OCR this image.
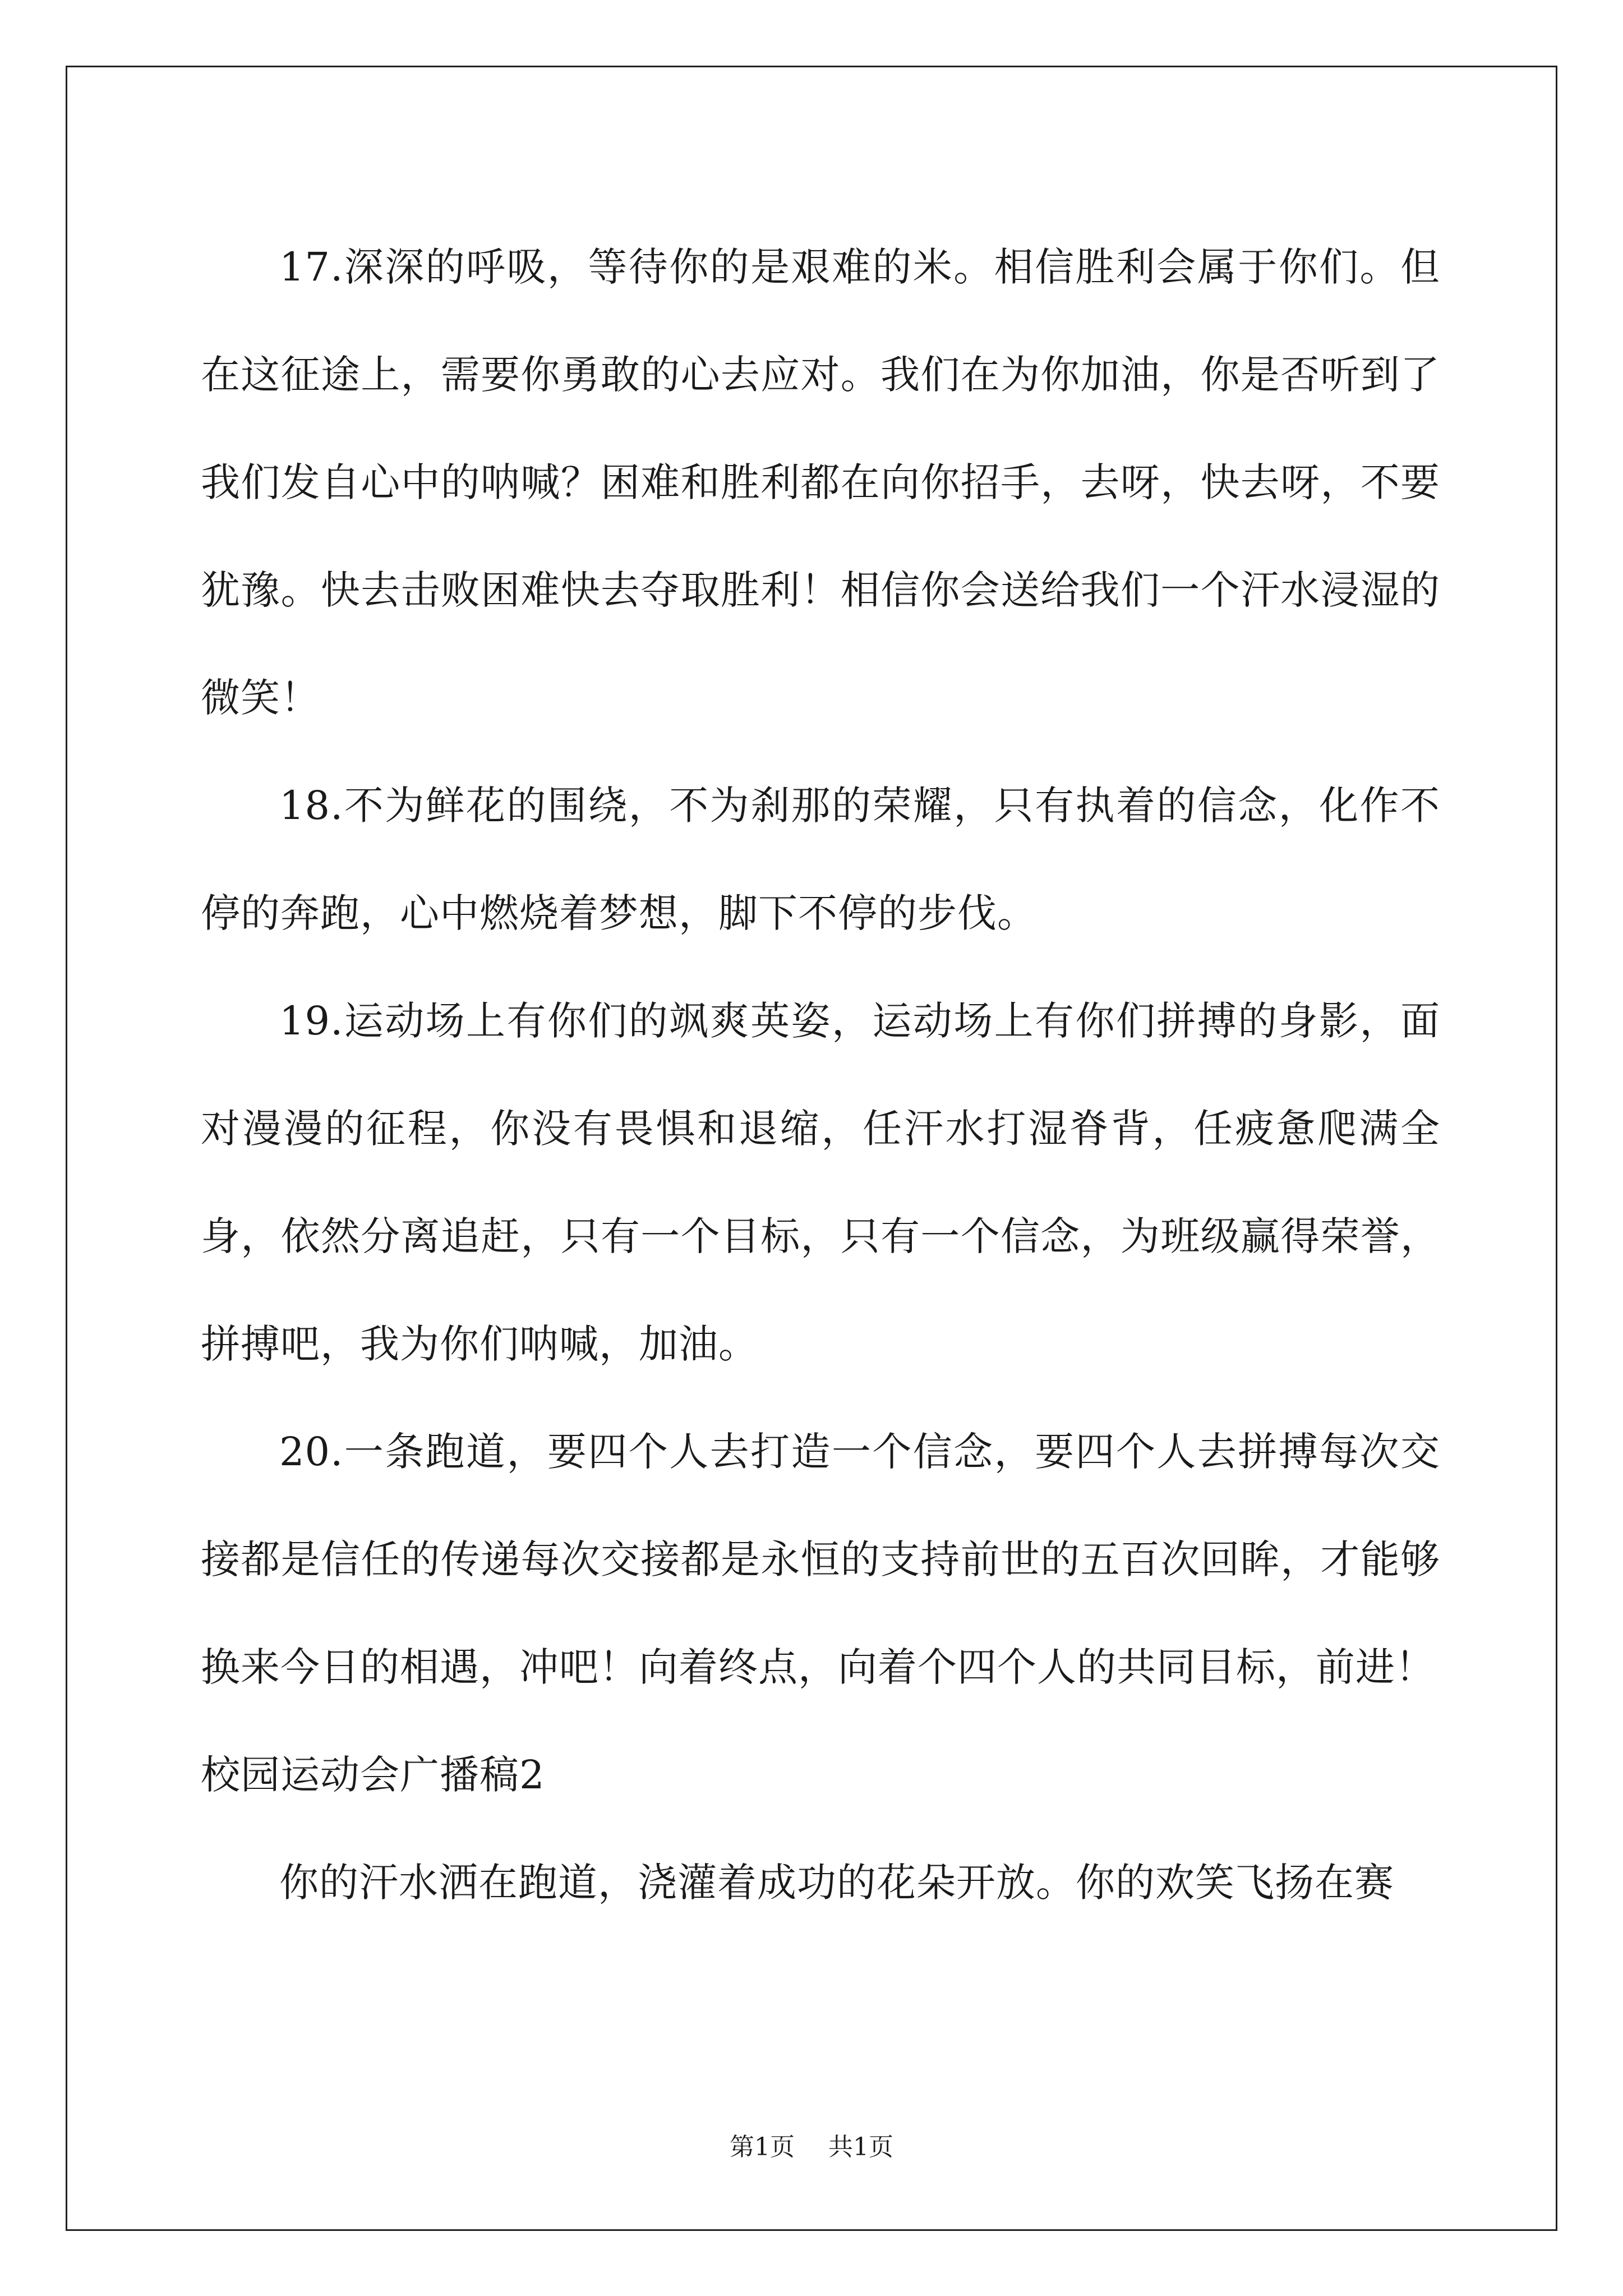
17.深深的呼吸，等待你的是艰难的米。相信胜利会属于你们。但在这征途上，需要你勇敢的心去应对。我们在为你加油，你是否听到了我们发自心中的呐喊？困难和胜利都在向你招手，去呀，快去呀，不要犹豫。快去击败困难快去夺取胜利！相信你会送给我们一个汗水浸湿的微笑！

18.不为鲜花的围绕，不为刹那的荣耀，只有执着的信念，化作不停的奔跑，心中燃烧着梦想，脚下不停的步伐。

19.运动场上有你们的飒爽英姿，运动场上有你们拼搏的身影，面对漫漫的征程，你没有畏惧和退缩，任汗水打湿脊背，任疲惫爬满全身，依然分离追赶，只有一个目标，只有一个信念，为班级赢得荣誉，拼搏吧，我为你们呐喊，加油。

20.一条跑道，要四个人去打造一个信念，要四个人去拼搏每次交接都是信任的传递每次交接都是永恒的支持前世的五百次回眸，才能够换来今日的相遇，冲吧！向着终点，向着个四个人的共同目标，前进！

校园运动会广播稿2

你的汗水洒在跑道，浇灌着成功的花朵开放。你的欢笑飞扬在赛

第1页 共1页
